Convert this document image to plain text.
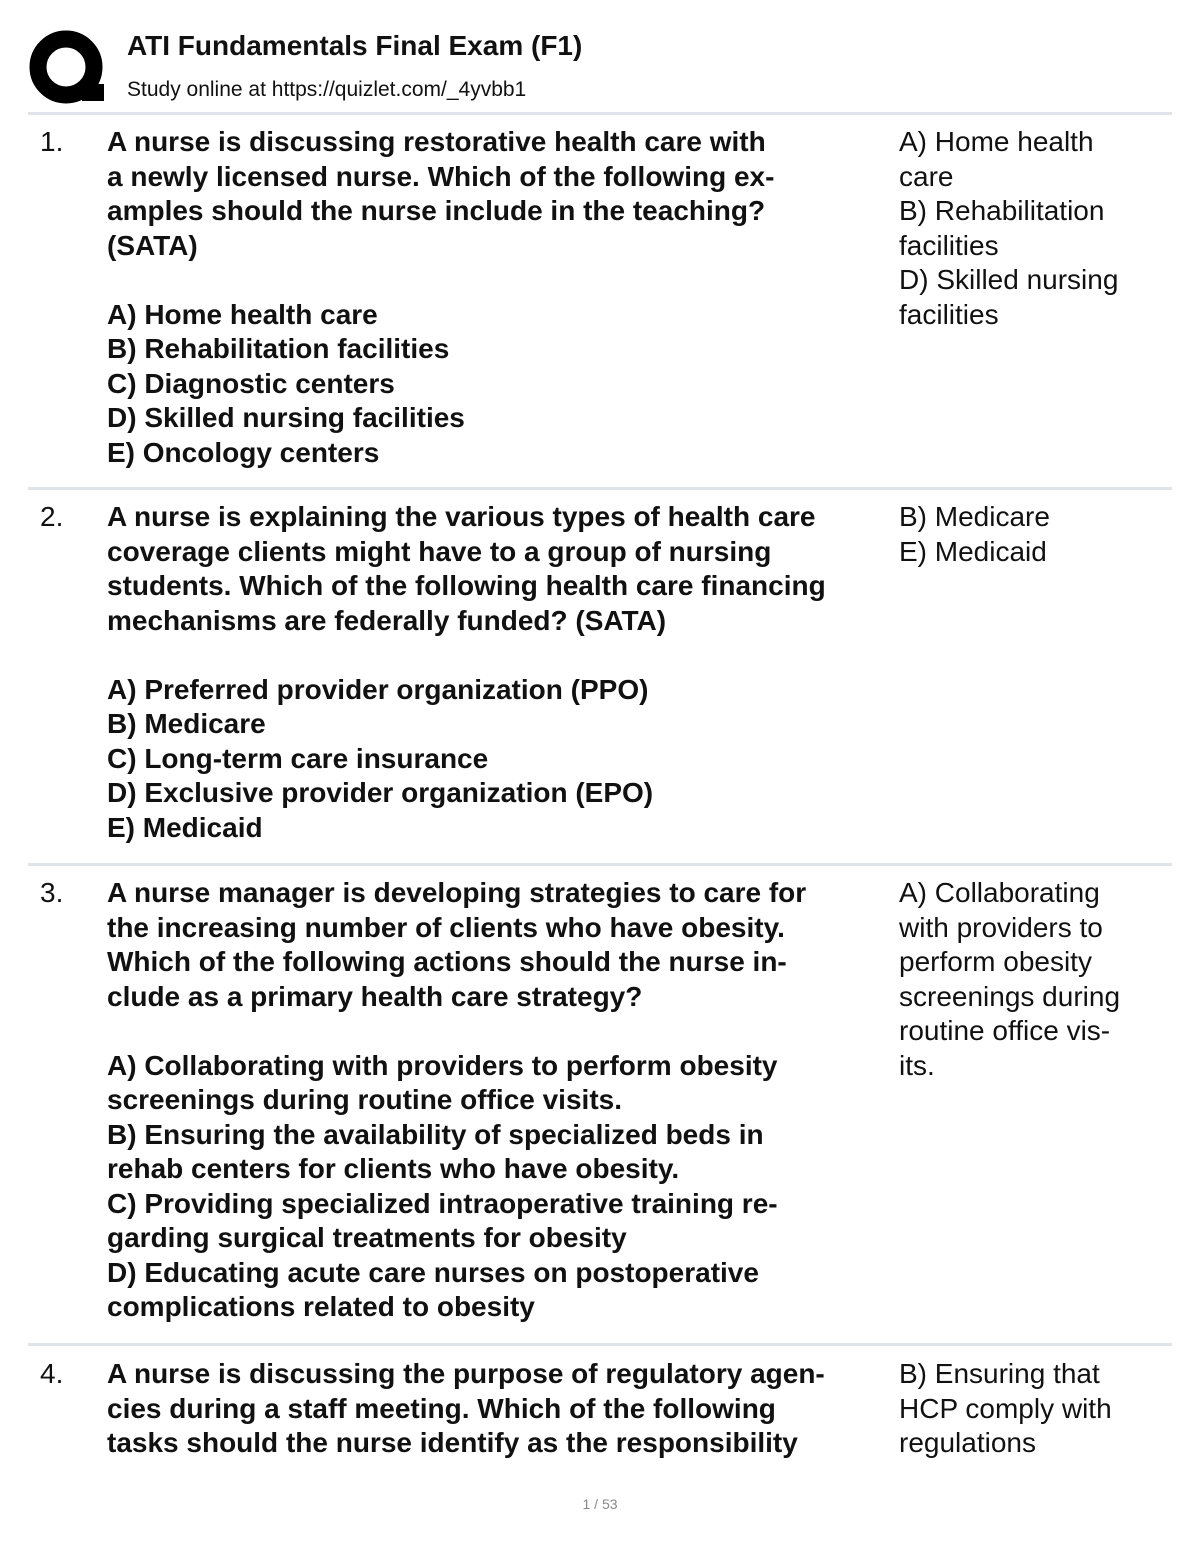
ATI Fundamentals Final Exam (F1)
Study online at https://quizlet.com/_4yvbb1
1. A nurse is discussing restorative health care with
a newly licensed nurse. Which of the following ex-
amples should the nurse include in the teaching?
(SATA)
A) Home health care
B) Rehabilitation facilities
C) Diagnostic centers
D) Skilled nursing facilities
E) Oncology centers
A) Home health
care
B) Rehabilitation
facilities
D) Skilled nursing
facilities
2. A nurse is explaining the various types of health care
coverage clients might have to a group of nursing
students. Which of the following health care financing
mechanisms are federally funded? (SATA)
A) Preferred provider organization (PPO)
B) Medicare
C) Long-term care insurance
D) Exclusive provider organization (EPO)
E) Medicaid
B) Medicare
E) Medicaid
3. A nurse manager is developing strategies to care for
the increasing number of clients who have obesity.
Which of the following actions should the nurse in-
clude as a primary health care strategy?
A) Collaborating with providers to perform obesity
screenings during routine office visits.
B) Ensuring the availability of specialized beds in
rehab centers for clients who have obesity.
C) Providing specialized intraoperative training re-
garding surgical treatments for obesity
D) Educating acute care nurses on postoperative
complications related to obesity
A) Collaborating
with providers to
perform obesity
screenings during
routine office vis-
its.
4. A nurse is discussing the purpose of regulatory agen-
cies during a staff meeting. Which of the following
tasks should the nurse identify as the responsibility
B) Ensuring that
HCP comply with
regulations
1 / 53
